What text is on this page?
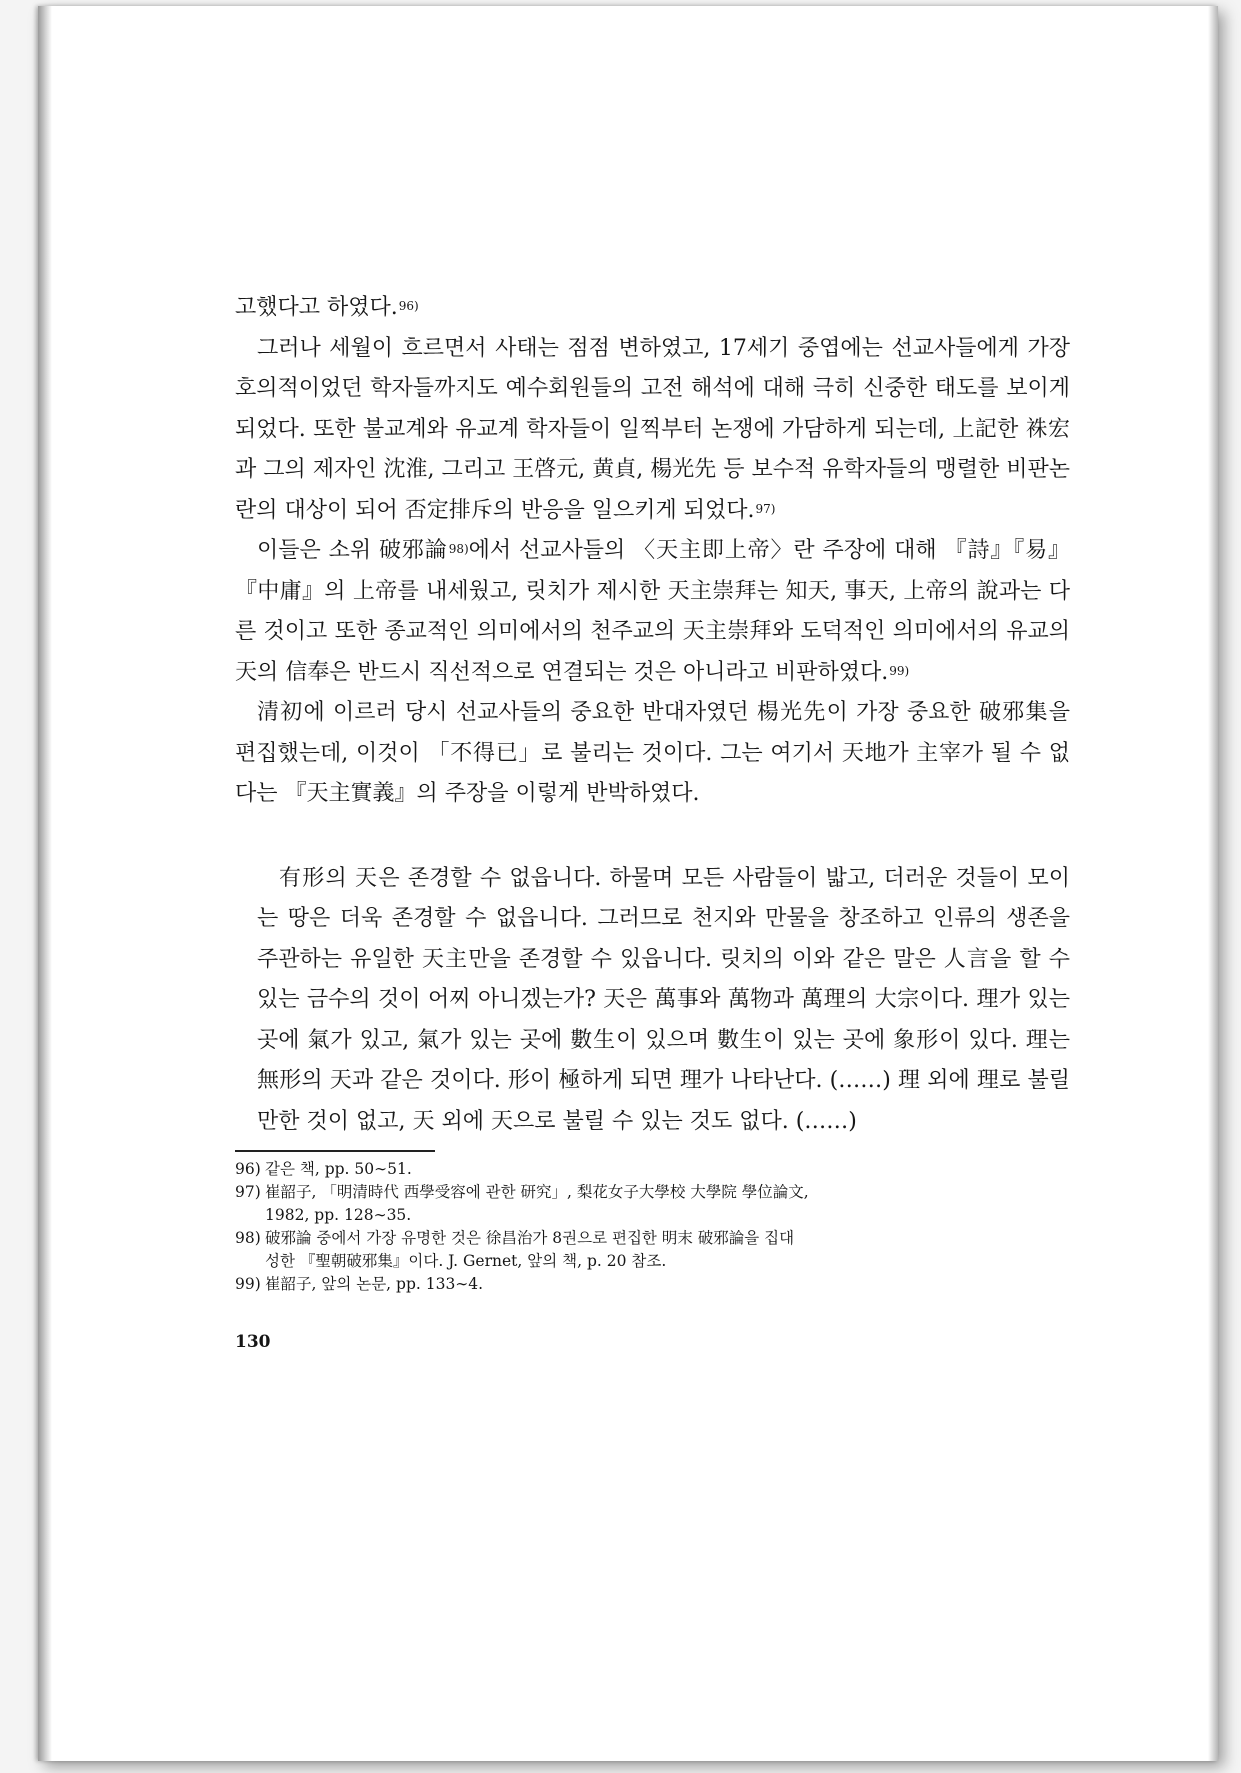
고했다고 하였다.$^{96)}$

그러나 세월이 흐르면서 사태는 점점 변하였고, 17세기 중엽에는 선교사들에게 가장 호의적이었던 학자들까지도 예수회원들의 고전 해석에 대해 극히 신중한 태도를 보이게 되었다. 또한 불교계와 유교계 학자들이 일찍부터 논쟁에 가담하게 되는데, 上記한 袾宏과 그의 제자인 沈淮, 그리고 王啓元, 黄貞, 楊光先 등 보수적 유학자들의 맹렬한 비판논란의 대상이 되어 否定排斥의 반응을 일으키게 되었다.$^{97)}$

이들은 소위 破邪論$^{98)}$에서 선교사들의 〈天主即上帝〉란 주장에 대해 『詩』『易』『中庸』의 上帝를 내세웠고, 릿치가 제시한 天主崇拜는 知天, 事天, 上帝의 說과는 다른 것이고 또한 종교적인 의미에서의 천주교의 天主崇拜와 도덕적인 의미에서의 유교의 天의 信奉은 반드시 직선적으로 연결되는 것은 아니라고 비판하였다.$^{99)}$

清初에 이르러 당시 선교사들의 중요한 반대자였던 楊光先이 가장 중요한 破邪集을 편집했는데, 이것이 「不得已」로 불리는 것이다. 그는 여기서 天地가 主宰가 될 수 없다는 『天主實義』의 주장을 이렇게 반박하였다.

有形의 天은 존경할 수 없읍니다. 하물며 모든 사람들이 밟고, 더러운 것들이 모이는 땅은 더욱 존경할 수 없읍니다. 그러므로 천지와 만물을 창조하고 인류의 생존을 주관하는 유일한 天主만을 존경할 수 있읍니다. 릿치의 이와 같은 말은 人言을 할 수 있는 금수의 것이 어찌 아니겠는가? 天은 萬事와 萬物과 萬理의 大宗이다. 理가 있는 곳에 氣가 있고, 氣가 있는 곳에 數生이 있으며 數生이 있는 곳에 象形이 있다. 理는 無形의 天과 같은 것이다. 形이 極하게 되면 理가 나타난다. (……) 理 외에 理로 불릴 만한 것이 없고, 天 외에 天으로 불릴 수 있는 것도 없다. (……)

96) 같은 책, pp. 50∼51.

97) 崔韶子, 「明清時代 西學受容에 관한 研究」, 梨花女子大學校 大學院 學位論文,

1982, pp. 128∼35.

98) 破邪論 중에서 가장 유명한 것은 徐昌治가 8권으로 편집한 明末 破邪論을 집대

성한 『聖朝破邪集』이다. J. Gernet, 앞의 책, p. 20 참조.

99) 崔韶子, 앞의 논문, pp. 133∼4.

130
